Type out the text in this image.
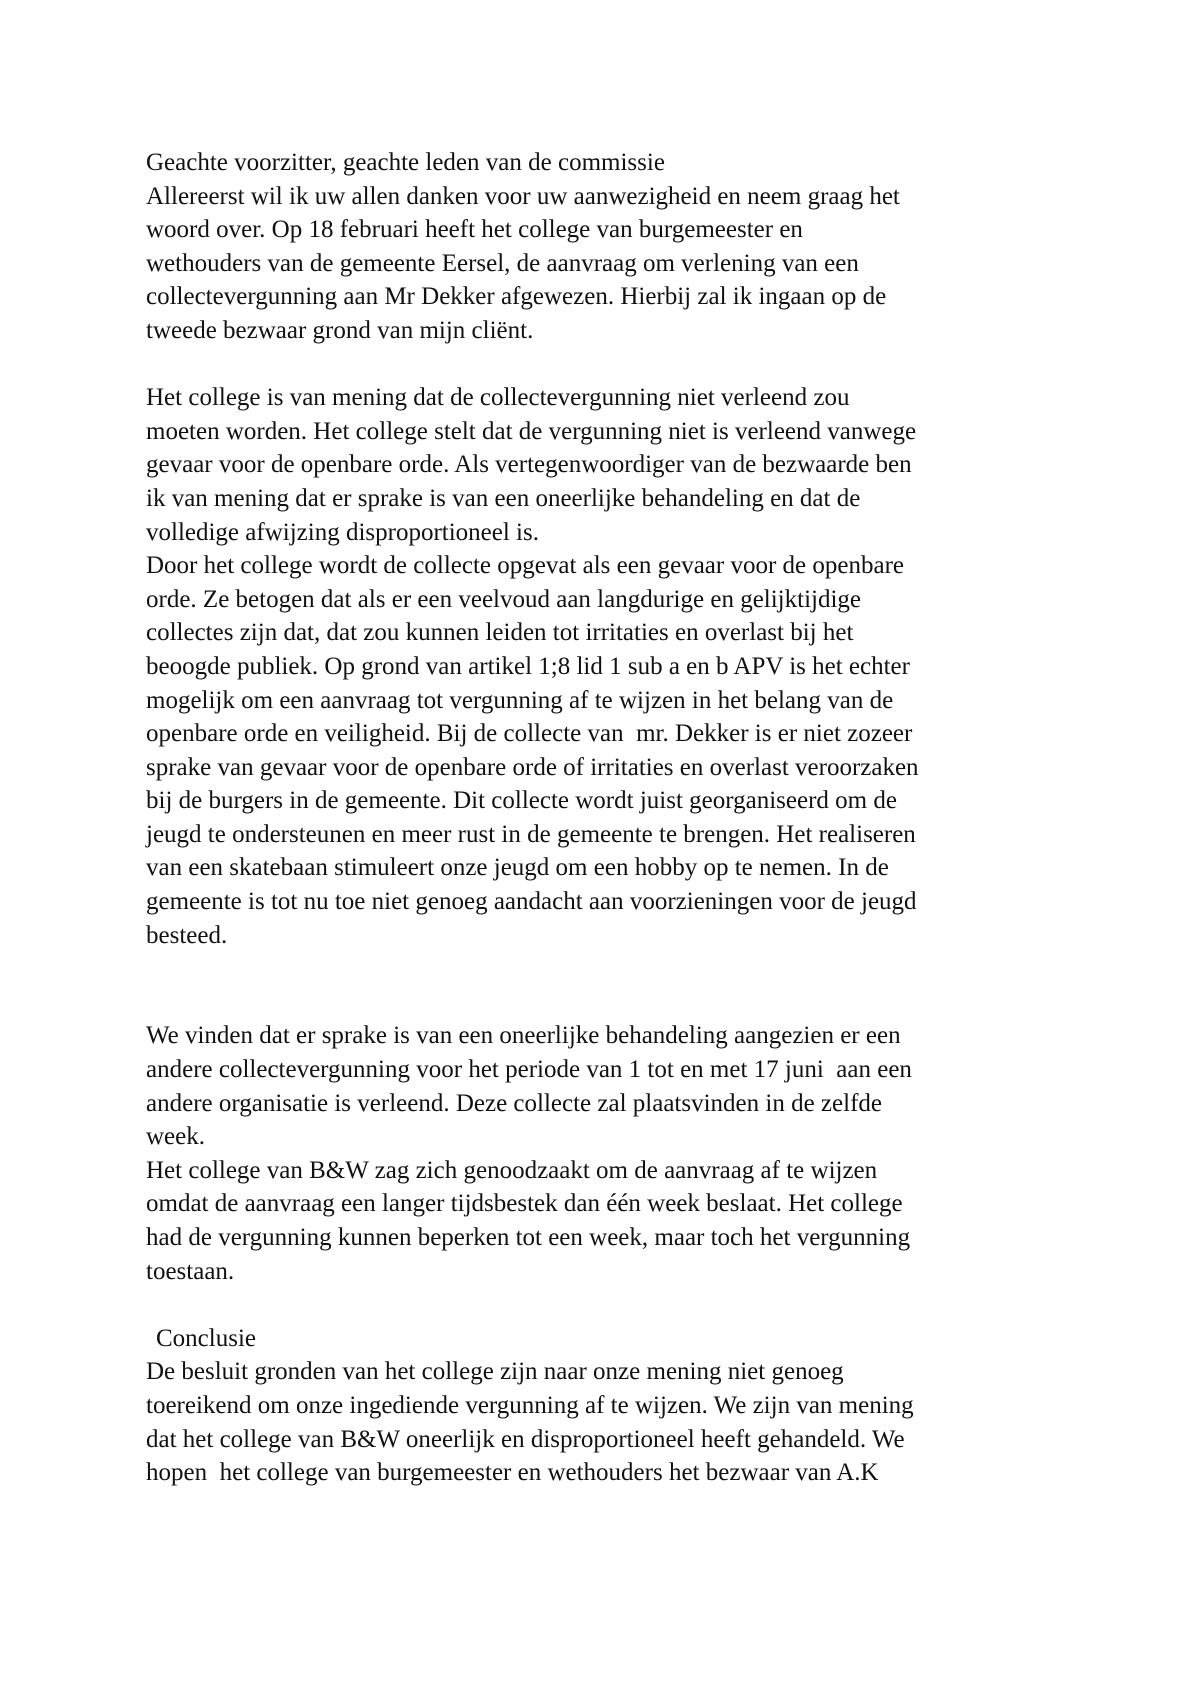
Geachte voorzitter, geachte leden van de commissie
Allereerst wil ik uw allen danken voor uw aanwezigheid en neem graag het
woord over. Op 18 februari heeft het college van burgemeester en
wethouders van de gemeente Eersel, de aanvraag om verlening van een
collectevergunning aan Mr Dekker afgewezen. Hierbij zal ik ingaan op de
tweede bezwaar grond van mijn cliënt.
Het college is van mening dat de collectevergunning niet verleend zou
moeten worden. Het college stelt dat de vergunning niet is verleend vanwege
gevaar voor de openbare orde. Als vertegenwoordiger van de bezwaarde ben
ik van mening dat er sprake is van een oneerlijke behandeling en dat de
volledige afwijzing disproportioneel is.
Door het college wordt de collecte opgevat als een gevaar voor de openbare
orde. Ze betogen dat als er een veelvoud aan langdurige en gelijktijdige
collectes zijn dat, dat zou kunnen leiden tot irritaties en overlast bij het
beoogde publiek. Op grond van artikel 1;8 lid 1 sub a en b APV is het echter
mogelijk om een aanvraag tot vergunning af te wijzen in het belang van de
openbare orde en veiligheid. Bij de collecte van  mr. Dekker is er niet zozeer
sprake van gevaar voor de openbare orde of irritaties en overlast veroorzaken
bij de burgers in de gemeente. Dit collecte wordt juist georganiseerd om de
jeugd te ondersteunen en meer rust in de gemeente te brengen. Het realiseren
van een skatebaan stimuleert onze jeugd om een hobby op te nemen. In de
gemeente is tot nu toe niet genoeg aandacht aan voorzieningen voor de jeugd
besteed.
We vinden dat er sprake is van een oneerlijke behandeling aangezien er een
andere collectevergunning voor het periode van 1 tot en met 17 juni  aan een
andere organisatie is verleend. Deze collecte zal plaatsvinden in de zelfde
week.
Het college van B&W zag zich genoodzaakt om de aanvraag af te wijzen
omdat de aanvraag een langer tijdsbestek dan één week beslaat. Het college
had de vergunning kunnen beperken tot een week, maar toch het vergunning
toestaan.
Conclusie
De besluit gronden van het college zijn naar onze mening niet genoeg
toereikend om onze ingediende vergunning af te wijzen. We zijn van mening
dat het college van B&W oneerlijk en disproportioneel heeft gehandeld. We
hopen  het college van burgemeester en wethouders het bezwaar van A.K
